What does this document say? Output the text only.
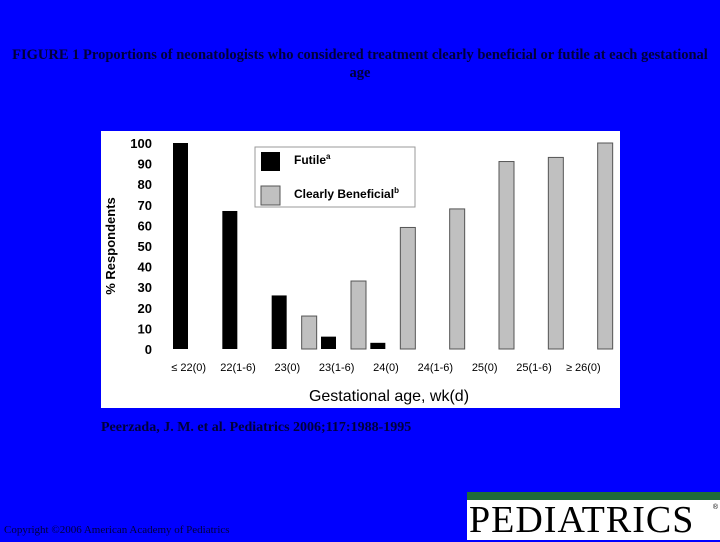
FIGURE 1 Proportions of neonatologists who considered treatment clearly beneficial or futile at each gestational age
0
10
20
30
40
50
60
70
80
90
100
% Respondents
≤ 22(0) 22(1-6) 23(0) 23(1-6) 24(0) 24(1-6) 25(0) 25(1-6) ≥ 26(0)
Gestational age, wk(d)
Futile$^a$
Clearly Beneficial$^b$
Peerzada, J. M. et al. Pediatrics 2006;117:1988-1995
Copyright ©2006 American Academy of Pediatrics	PEDIATRICS	®
